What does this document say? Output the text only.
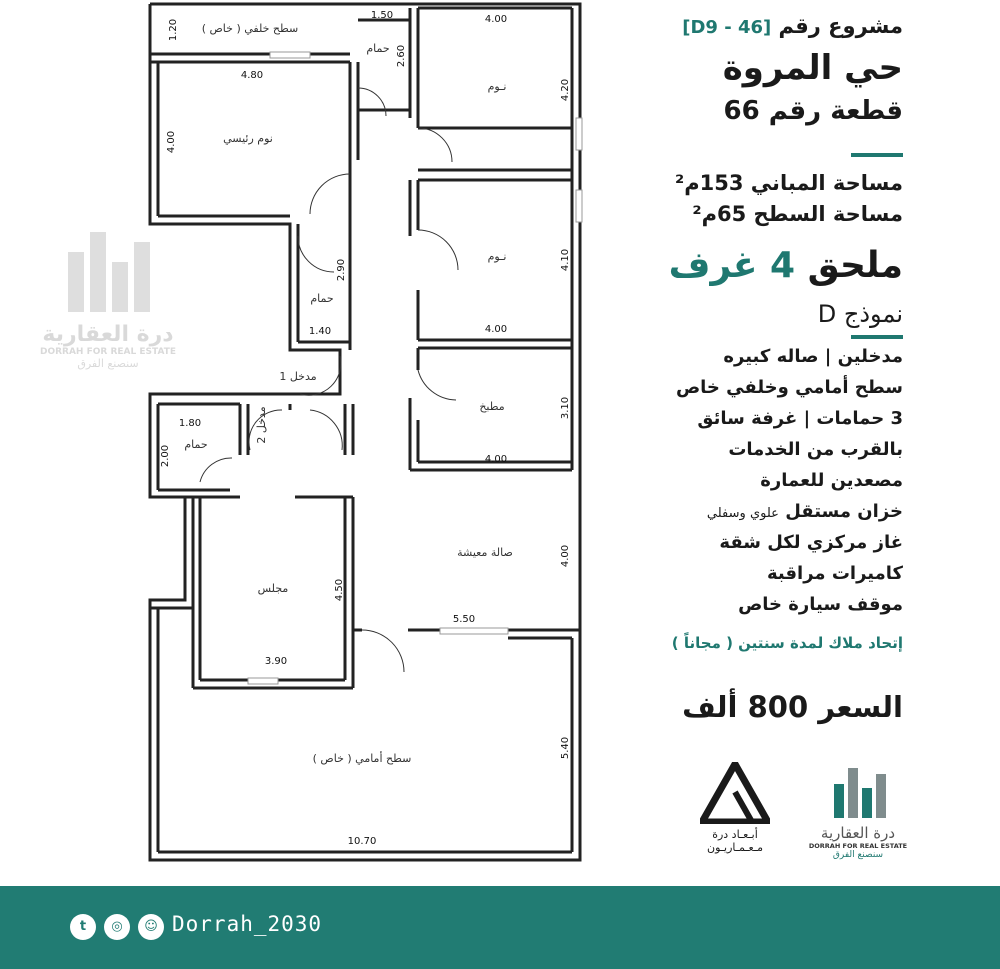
سطح خلفي ( خاص )
نوم رئيسي
حمام
نـوم
نـوم
حمام
مدخل 1
مدخل 2
حمام
مطبخ
صالة معيشة
مجلس
سطح أمامي ( خاص )
1.20
4.80
4.00
1.50
2.60
4.00
4.20
4.10
4.00
2.90
1.40
3.10
4.00
1.80
2.00
4.00
4.50
5.50
3.90
5.40
10.70
درة العقارية
DORRAH FOR REAL ESTATE
سنصنع الفرق
مشروع رقم [D9 - 46]
حي المروة
قطعة رقم 66
مساحة المباني 153م²
مساحة السطح 65م²
ملحق 4 غرف
نموذج D
مدخلين | صاله كبيره
سطح أمامي وخلفي خاص
3 حمامات | غرفة سائق
بالقرب من الخدمات
مصعدين للعمارة
خزان مستقل علوي وسفلي
غاز مركزي لكل شقة
كاميرات مراقبة
موقف سيارة خاص
إتحاد ملاك لمدة سنتين ( مجاناً )
السعر 800 ألف
أبـعـاد درة
مـعـمـاريـون
درة العقارية
DORRAH FOR REAL ESTATE
سنصنع الفرق
t	◎	☺ Dorrah_2030
